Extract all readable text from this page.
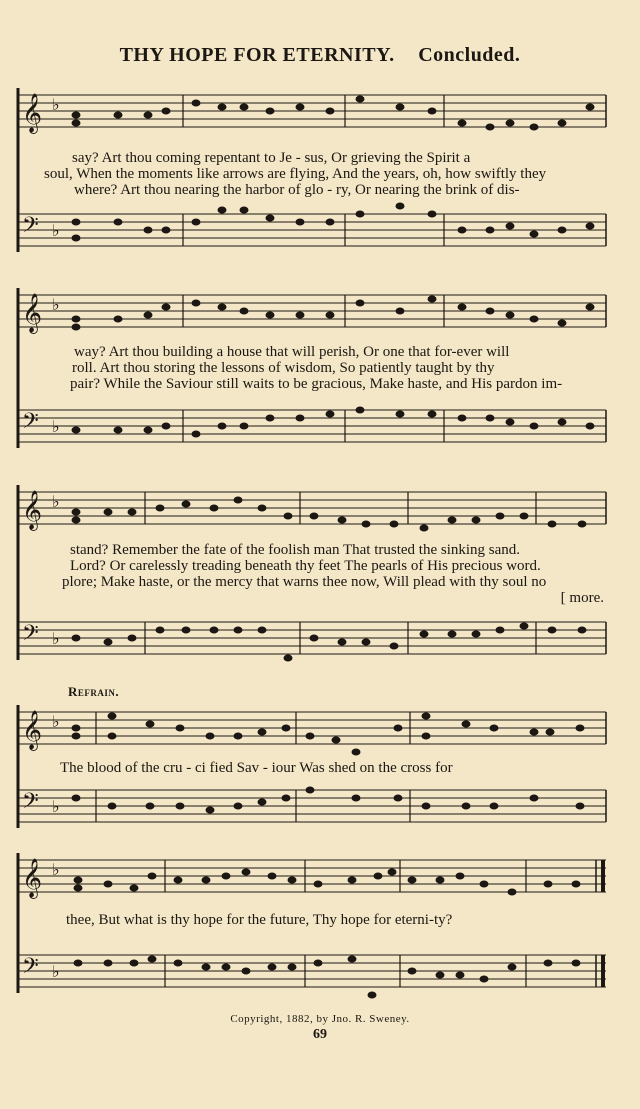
THY HOPE FOR ETERNITY. Concluded.
𝄞 ♭
𝄢 ♭
say? Art thou coming repentant to Je - sus, Or grieving the Spirit a
soul, When the moments like arrows are flying, And the years, oh, how swiftly they
where? Art thou nearing the harbor of glo - ry, Or nearing the brink of dis-
𝄞 ♭
𝄢 ♭
way? Art thou building a house that will perish, Or one that for-ever will
roll. Art thou storing the lessons of wisdom, So patiently taught by thy
pair? While the Saviour still waits to be gracious, Make haste, and His pardon im-
𝄞 ♭
𝄢 ♭
stand? Remember the fate of the foolish man That trusted the sinking sand.
Lord? Or carelessly treading beneath thy feet The pearls of His precious word.
plore; Make haste, or the mercy that warns thee now, Will plead with thy soul no
[ more.
Refrain.
𝄞 ♭
𝄢 ♭
The blood of the cru - ci fied Sav - iour Was shed on the cross for
𝄞 ♭
𝄢 ♭
thee, But what is thy hope for the future, Thy hope for eterni-ty?
Copyright, 1882, by Jno. R. Sweney.
69
